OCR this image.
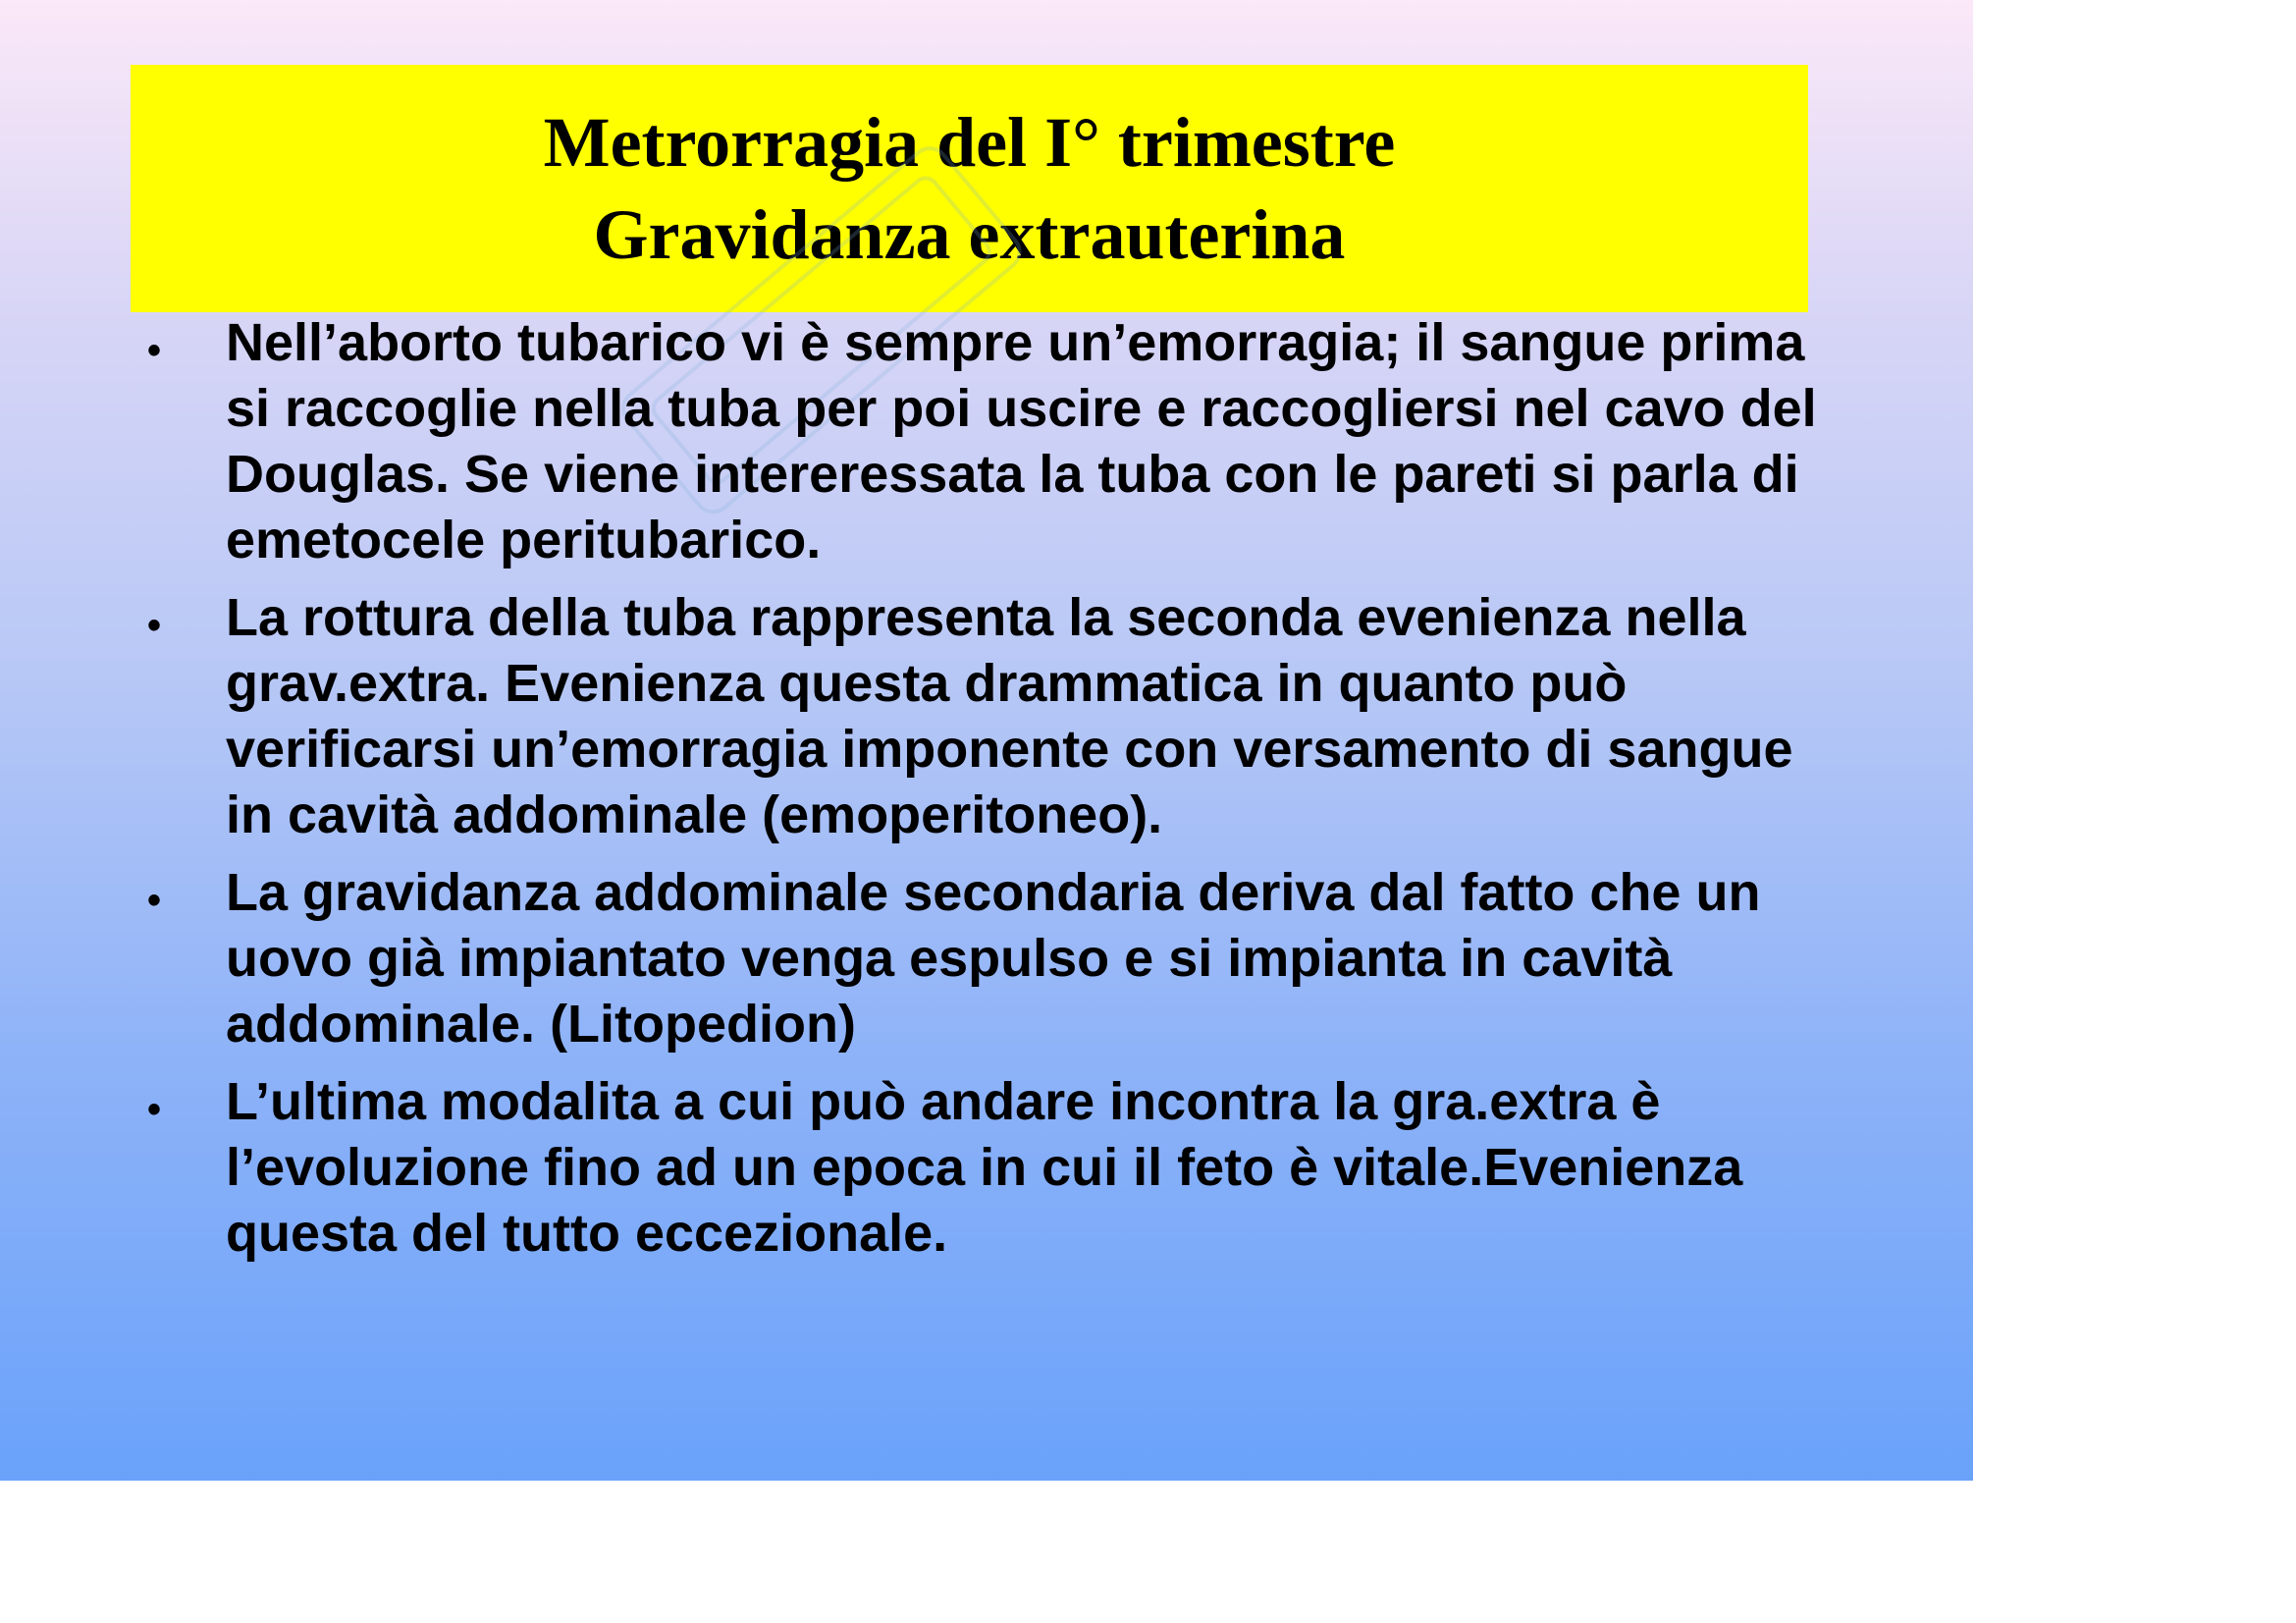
Metrorragia del I° trimestre
Gravidanza extrauterina
• Nell’aborto tubarico vi è sempre un’emorragia; il sangue prima si raccoglie nella tuba per poi uscire e raccogliersi nel cavo del Douglas. Se viene intereressata la tuba con le pareti si parla di emetocele peritubarico.
• La rottura della tuba rappresenta la seconda evenienza nella grav.extra. Evenienza questa drammatica in quanto può verificarsi un’emorragia imponente con versamento di sangue in cavità addominale (emoperitoneo).
• La gravidanza addominale secondaria deriva dal fatto che un uovo già impiantato venga espulso e si impianta in cavità addominale. (Litopedion)
• L’ultima modalita a cui può andare incontra la gra.extra è l’evoluzione fino ad un epoca in cui il feto è vitale.Evenienza questa del tutto eccezionale.
